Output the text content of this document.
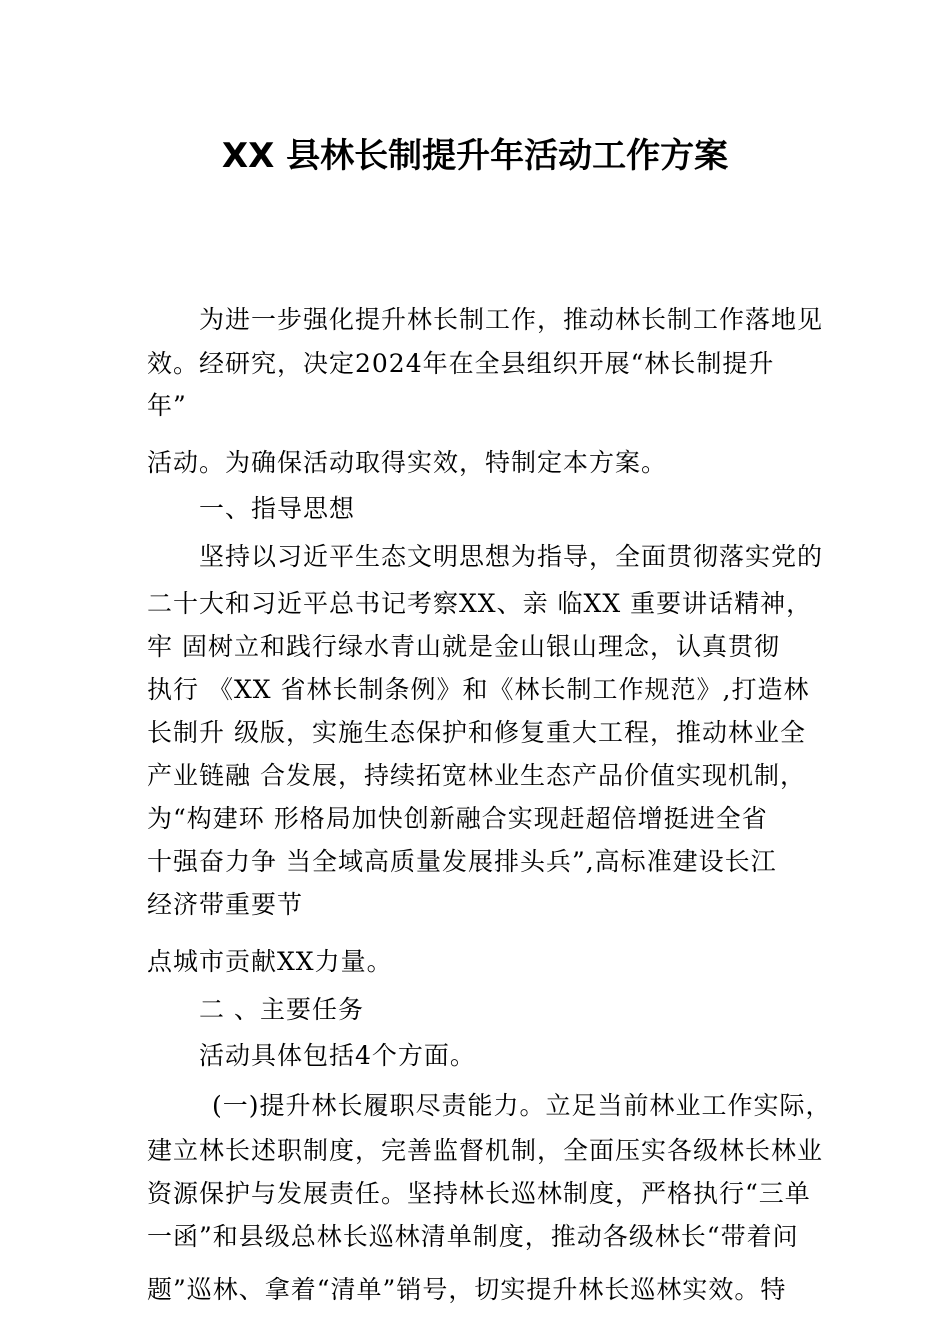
XX 县林长制提升年活动工作方案
为进一步强化提升林长制工作，推动林长制工作落地见
效。经研究，决定2024年在全县组织开展“林长制提升
年”
活动。为确保活动取得实效，特制定本方案。
一、指导思想
坚持以习近平生态文明思想为指导，全面贯彻落实党的
二十大和习近平总书记考察XX、亲 临XX 重要讲话精神，
牢 固树立和践行绿水青山就是金山银山理念，认真贯彻
执行 《XX 省林长制条例》和《林长制工作规范》,打造林
长制升 级版，实施生态保护和修复重大工程，推动林业全
产业链融 合发展，持续拓宽林业生态产品价值实现机制，
为“构建环 形格局加快创新融合实现赶超倍增挺进全省
十强奋力争 当全域高质量发展排头兵”,高标准建设长江
经济带重要节
点城市贡献XX力量。
二 、主要任务
活动具体包括4个方面。
(一)提升林长履职尽责能力。立足当前林业工作实际，
建立林长述职制度，完善监督机制，全面压实各级林长林业
资源保护与发展责任。坚持林长巡林制度，严格执行“三单
一函”和县级总林长巡林清单制度，推动各级林长“带着问
题”巡林、拿着“清单”销号，切实提升林长巡林实效。特
